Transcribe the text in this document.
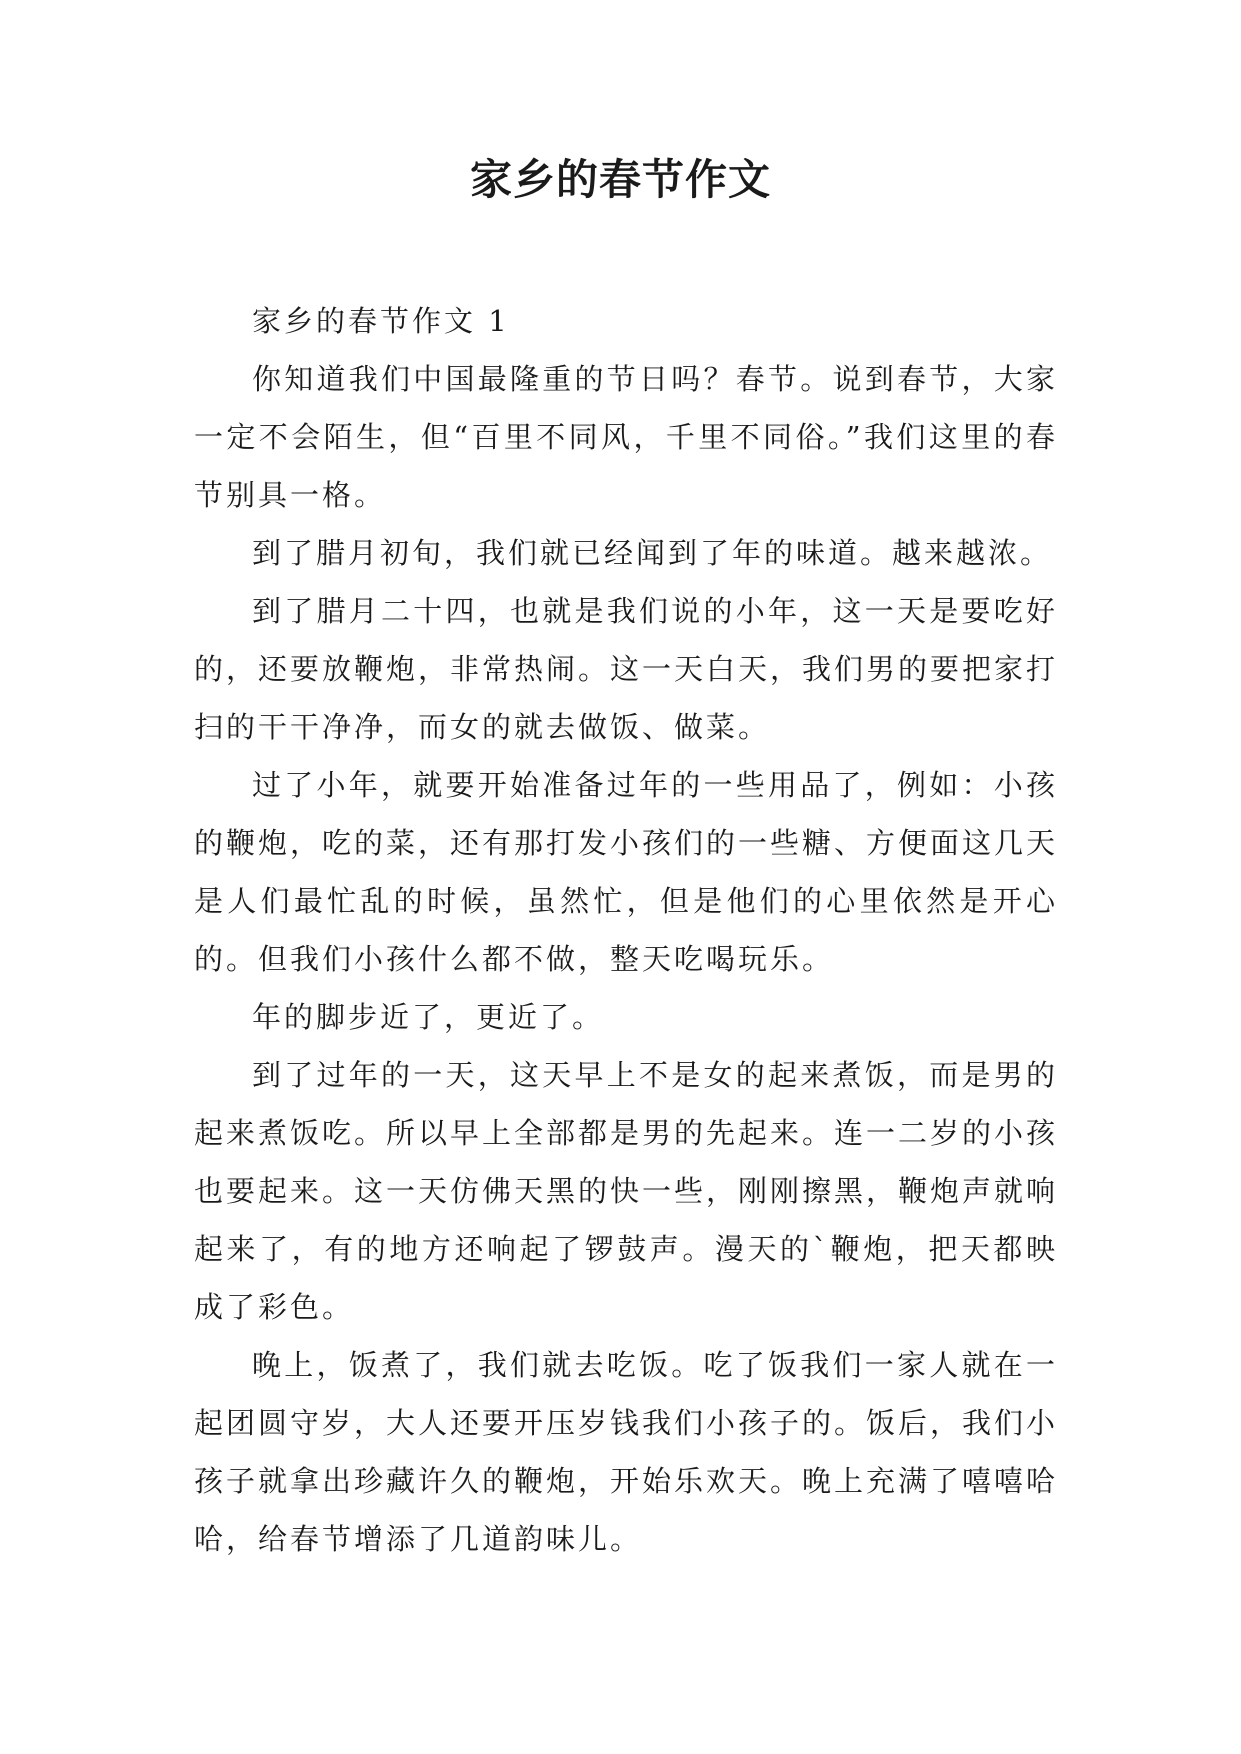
家乡的春节作文

家乡的春节作文 1

你知道我们中国最隆重的节日吗？春节。说到春节，大家一定不会陌生，但“百里不同风，千里不同俗。”我们这里的春节别具一格。

到了腊月初旬，我们就已经闻到了年的味道。越来越浓。

到了腊月二十四，也就是我们说的小年，这一天是要吃好的，还要放鞭炮，非常热闹。这一天白天，我们男的要把家打扫的干干净净，而女的就去做饭、做菜。

过了小年，就要开始准备过年的一些用品了，例如：小孩的鞭炮，吃的菜，还有那打发小孩们的一些糖、方便面这几天是人们最忙乱的时候，虽然忙，但是他们的心里依然是开心的。但我们小孩什么都不做，整天吃喝玩乐。

年的脚步近了，更近了。

到了过年的一天，这天早上不是女的起来煮饭，而是男的起来煮饭吃。所以早上全部都是男的先起来。连一二岁的小孩也要起来。这一天仿佛天黑的快一些，刚刚擦黑，鞭炮声就响起来了，有的地方还响起了锣鼓声。漫天的`鞭炮，把天都映成了彩色。

晚上，饭煮了，我们就去吃饭。吃了饭我们一家人就在一起团圆守岁，大人还要开压岁钱我们小孩子的。饭后，我们小孩子就拿出珍藏许久的鞭炮，开始乐欢天。晚上充满了嘻嘻哈哈，给春节增添了几道韵味儿。
